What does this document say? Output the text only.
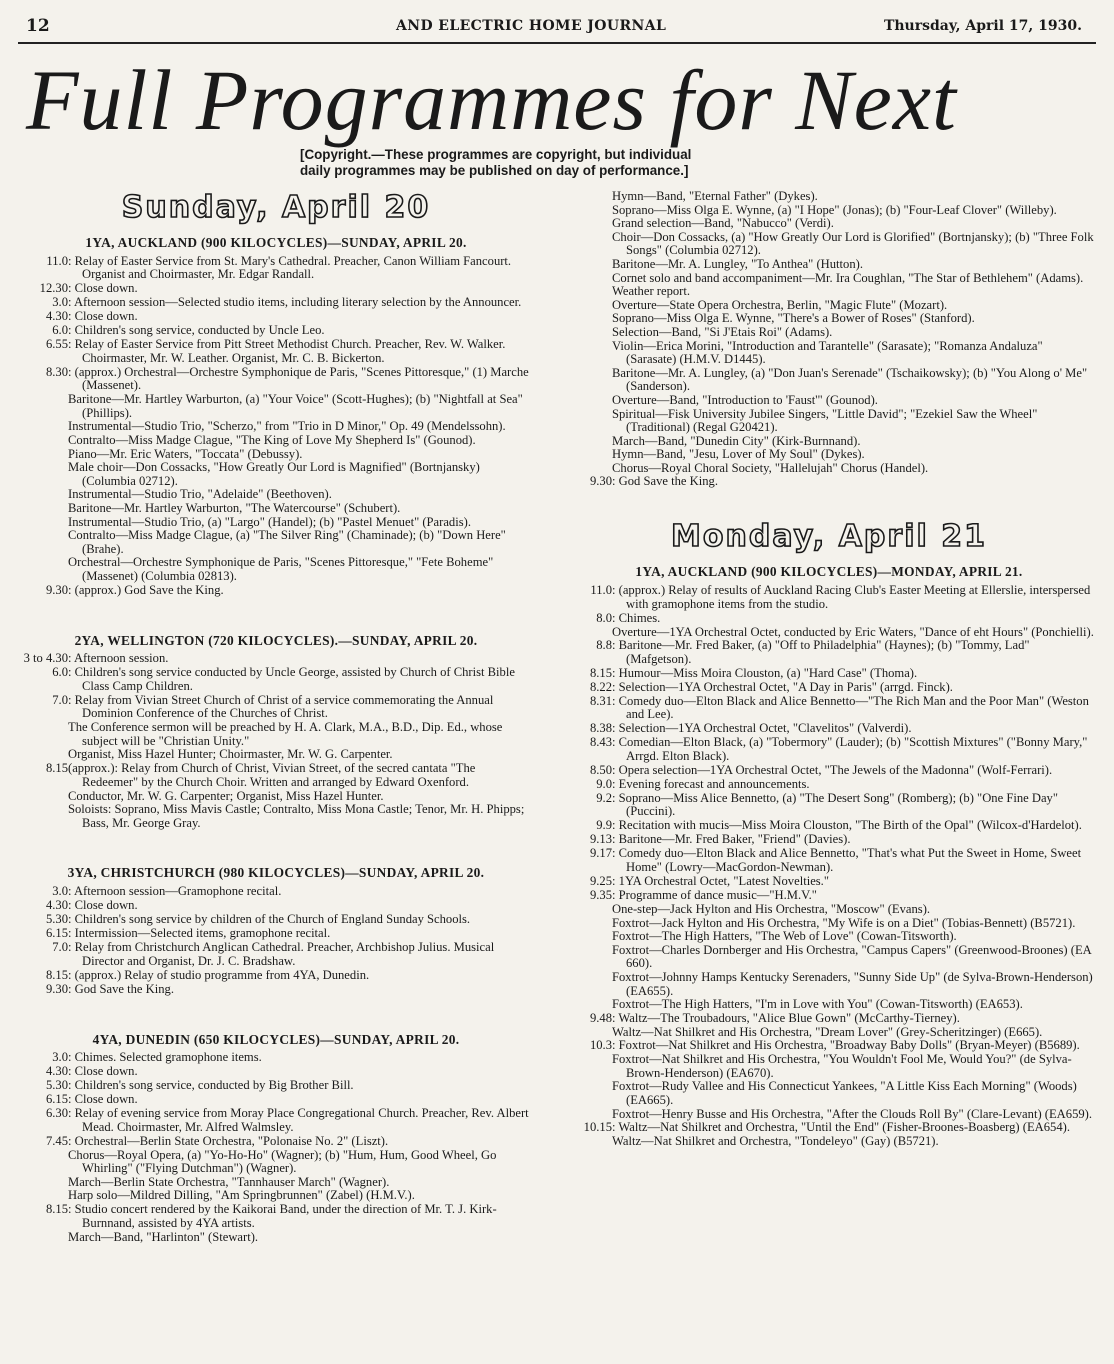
12	AND ELECTRIC HOME JOURNAL	Thursday, April 17, 1930.
Full Programmes for Next
[Copyright.—These programmes are copyright, but individual
daily programmes may be published on day of performance.]
Sunday, April 20
1YA, AUCKLAND (900 KILOCYCLES)—SUNDAY, APRIL 20.
11.0 : Relay of Easter Service from St. Mary's Cathedral. Preacher, Canon William Fancourt. Organist and Choirmaster, Mr. Edgar Randall.
12.30 : Close down.
3.0 : Afternoon session—Selected studio items, including literary selection by the Announcer.
4.30 : Close down.
6.0 : Children's song service, conducted by Uncle Leo.
6.55 : Relay of Easter Service from Pitt Street Methodist Church. Preacher, Rev. W. Walker. Choirmaster, Mr. W. Leather. Organist, Mr. C. B. Bickerton.
8.30 : (approx.) Orchestral—Orchestre Symphonique de Paris, "Scenes Pittoresque," (1) Marche (Massenet).
Baritone—Mr. Hartley Warburton, (a) "Your Voice" (Scott-Hughes); (b) "Nightfall at Sea" (Phillips).
Instrumental—Studio Trio, "Scherzo," from "Trio in D Minor," Op. 49 (Mendelssohn).
Contralto—Miss Madge Clague, "The King of Love My Shepherd Is" (Gounod).
Piano—Mr. Eric Waters, "Toccata" (Debussy).
Male choir—Don Cossacks, "How Greatly Our Lord is Magnified" (Bortnjansky) (Columbia 02712).
Instrumental—Studio Trio, "Adelaide" (Beethoven).
Baritone—Mr. Hartley Warburton, "The Watercourse" (Schubert).
Instrumental—Studio Trio, (a) "Largo" (Handel); (b) "Pastel Menuet" (Paradis).
Contralto—Miss Madge Clague, (a) "The Silver Ring" (Chaminade); (b) "Down Here" (Brahe).
Orchestral—Orchestre Symphonique de Paris, "Scenes Pittoresque," "Fete Boheme" (Massenet) (Columbia 02813).
9.30 : (approx.) God Save the King.
2YA, WELLINGTON (720 KILOCYCLES).—SUNDAY, APRIL 20.
3 to 4.30 : Afternoon session.
6.0 : Children's song service conducted by Uncle George, assisted by Church of Christ Bible Class Camp Children.
7.0 : Relay from Vivian Street Church of Christ of a service commemorating the Annual Dominion Conference of the Churches of Christ.
The Conference sermon will be preached by H. A. Clark, M.A., B.D., Dip. Ed., whose subject will be "Christian Unity."
Organist, Miss Hazel Hunter; Choirmaster, Mr. W. G. Carpenter.
8.15 (approx.): Relay from Church of Christ, Vivian Street, of the secred cantata "The Redeemer" by the Church Choir. Written and arranged by Edward Oxenford.
Conductor, Mr. W. G. Carpenter; Organist, Miss Hazel Hunter.
Soloists: Soprano, Miss Mavis Castle; Contralto, Miss Mona Castle; Tenor, Mr. H. Phipps; Bass, Mr. George Gray.
3YA, CHRISTCHURCH (980 KILOCYCLES)—SUNDAY, APRIL 20.
3.0 : Afternoon session—Gramophone recital.
4.30 : Close down.
5.30 : Children's song service by children of the Church of England Sunday Schools.
6.15 : Intermission—Selected items, gramophone recital.
7.0 : Relay from Christchurch Anglican Cathedral. Preacher, Archbishop Julius. Musical Director and Organist, Dr. J. C. Bradshaw.
8.15 : (approx.) Relay of studio programme from 4YA, Dunedin.
9.30 : God Save the King.
4YA, DUNEDIN (650 KILOCYCLES)—SUNDAY, APRIL 20.
3.0 : Chimes. Selected gramophone items.
4.30 : Close down.
5.30 : Children's song service, conducted by Big Brother Bill.
6.15 : Close down.
6.30 : Relay of evening service from Moray Place Congregational Church. Preacher, Rev. Albert Mead. Choirmaster, Mr. Alfred Walmsley.
7.45 : Orchestral—Berlin State Orchestra, "Polonaise No. 2" (Liszt).
Chorus—Royal Opera, (a) "Yo-Ho-Ho" (Wagner); (b) "Hum, Hum, Good Wheel, Go Whirling" ("Flying Dutchman") (Wagner).
March—Berlin State Orchestra, "Tannhauser March" (Wagner).
Harp solo—Mildred Dilling, "Am Springbrunnen" (Zabel) (H.M.V.).
8.15 : Studio concert rendered by the Kaikorai Band, under the direction of Mr. T. J. Kirk-Burnnand, assisted by 4YA artists.
March—Band, "Harlinton" (Stewart).
Hymn—Band, "Eternal Father" (Dykes).
Soprano—Miss Olga E. Wynne, (a) "I Hope" (Jonas); (b) "Four-Leaf Clover" (Willeby).
Grand selection—Band, "Nabucco" (Verdi).
Choir—Don Cossacks, (a) "How Greatly Our Lord is Glorified" (Bortnjansky); (b) "Three Folk Songs" (Columbia 02712).
Baritone—Mr. A. Lungley, "To Anthea" (Hutton).
Cornet solo and band accompaniment—Mr. Ira Coughlan, "The Star of Bethlehem" (Adams).
Weather report.
Overture—State Opera Orchestra, Berlin, "Magic Flute" (Mozart).
Soprano—Miss Olga E. Wynne, "There's a Bower of Roses" (Stanford).
Selection—Band, "Si J'Etais Roi" (Adams).
Violin—Erica Morini, "Introduction and Tarantelle" (Sarasate); "Romanza Andaluza" (Sarasate) (H.M.V. D1445).
Baritone—Mr. A. Lungley, (a) "Don Juan's Serenade" (Tschaikowsky); (b) "You Along o' Me" (Sanderson).
Overture—Band, "Introduction to 'Faust'" (Gounod).
Spiritual—Fisk University Jubilee Singers, "Little David"; "Ezekiel Saw the Wheel" (Traditional) (Regal G20421).
March—Band, "Dunedin City" (Kirk-Burnnand).
Hymn—Band, "Jesu, Lover of My Soul" (Dykes).
Chorus—Royal Choral Society, "Hallelujah" Chorus (Handel).
9.30 : God Save the King.
Monday, April 21
1YA, AUCKLAND (900 KILOCYCLES)—MONDAY, APRIL 21.
11.0 : (approx.) Relay of results of Auckland Racing Club's Easter Meeting at Ellerslie, interspersed with gramophone items from the studio.
8.0 : Chimes.
Overture—1YA Orchestral Octet, conducted by Eric Waters, "Dance of eht Hours" (Ponchielli).
8.8 : Baritone—Mr. Fred Baker, (a) "Off to Philadelphia" (Haynes); (b) "Tommy, Lad" (Mafgetson).
8.15 : Humour—Miss Moira Clouston, (a) "Hard Case" (Thoma).
8.22 : Selection—1YA Orchestral Octet, "A Day in Paris" (arrgd. Finck).
8.31 : Comedy duo—Elton Black and Alice Bennetto—"The Rich Man and the Poor Man" (Weston and Lee).
8.38 : Selection—1YA Orchestral Octet, "Clavelitos" (Valverdi).
8.43 : Comedian—Elton Black, (a) "Tobermory" (Lauder); (b) "Scottish Mixtures" ("Bonny Mary," Arrgd. Elton Black).
8.50 : Opera selection—1YA Orchestral Octet, "The Jewels of the Madonna" (Wolf-Ferrari).
9.0 : Evening forecast and announcements.
9.2 : Soprano—Miss Alice Bennetto, (a) "The Desert Song" (Romberg); (b) "One Fine Day" (Puccini).
9.9 : Recitation with mucis—Miss Moira Clouston, "The Birth of the Opal" (Wilcox-d'Hardelot).
9.13 : Baritone—Mr. Fred Baker, "Friend" (Davies).
9.17 : Comedy duo—Elton Black and Alice Bennetto, "That's what Put the Sweet in Home, Sweet Home" (Lowry—MacGordon-Newman).
9.25 : 1YA Orchestral Octet, "Latest Novelties."
9.35 : Programme of dance music—"H.M.V."
One-step—Jack Hylton and His Orchestra, "Moscow" (Evans).
Foxtrot—Jack Hylton and His Orchestra, "My Wife is on a Diet" (Tobias-Bennett) (B5721).
Foxtrot—The High Hatters, "The Web of Love" (Cowan-Titsworth).
Foxtrot—Charles Dornberger and His Orchestra, "Campus Capers" (Greenwood-Broones) (EA 660).
Foxtrot—Johnny Hamps Kentucky Serenaders, "Sunny Side Up" (de Sylva-Brown-Henderson) (EA655).
Foxtrot—The High Hatters, "I'm in Love with You" (Cowan-Titsworth) (EA653).
9.48 : Waltz—The Troubadours, "Alice Blue Gown" (McCarthy-Tierney).
Waltz—Nat Shilkret and His Orchestra, "Dream Lover" (Grey-Scheritzinger) (E665).
10.3 : Foxtrot—Nat Shilkret and His Orchestra, "Broadway Baby Dolls" (Bryan-Meyer) (B5689).
Foxtrot—Nat Shilkret and His Orchestra, "You Wouldn't Fool Me, Would You?" (de Sylva-Brown-Henderson) (EA670).
Foxtrot—Rudy Vallee and His Connecticut Yankees, "A Little Kiss Each Morning" (Woods) (EA665).
Foxtrot—Henry Busse and His Orchestra, "After the Clouds Roll By" (Clare-Levant) (EA659).
10.15 : Waltz—Nat Shilkret and Orchestra, "Until the End" (Fisher-Broones-Boasberg) (EA654).
Waltz—Nat Shilkret and Orchestra, "Tondeleyo" (Gay) (B5721).
